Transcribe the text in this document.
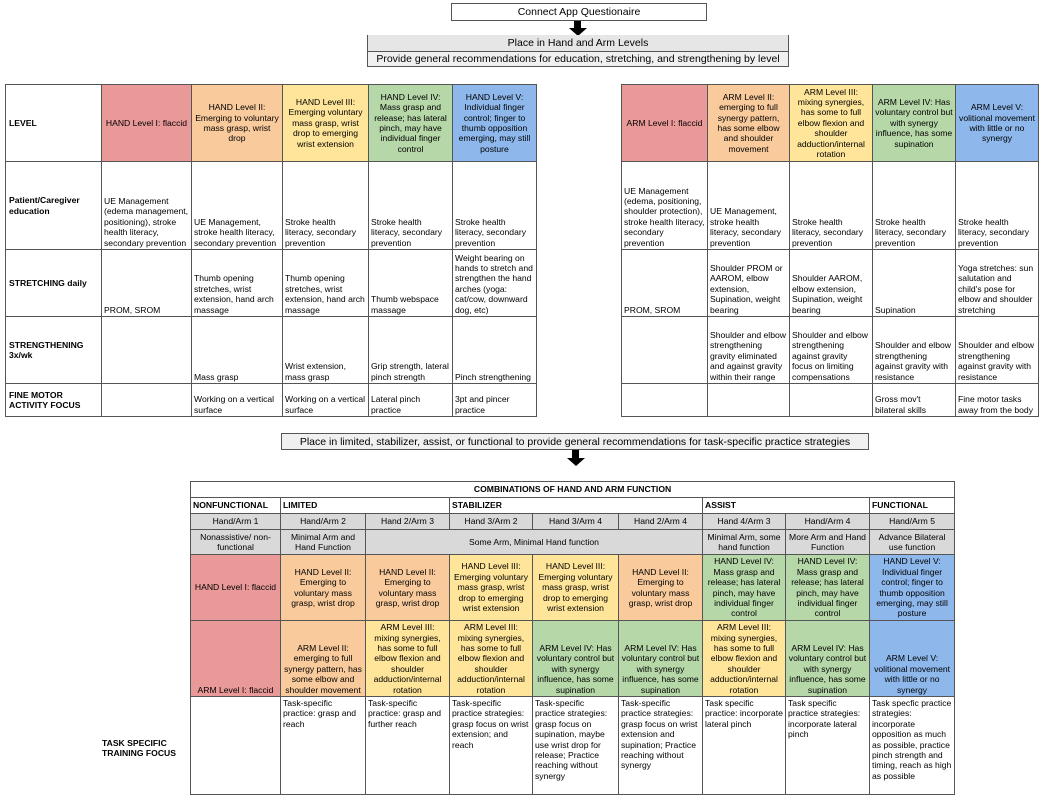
Connect App Questionaire
Place in Hand and Arm Levels
Provide general recommendations for education, stretching, and strengthening by level
LEVEL	HAND Level I: flaccid	HAND Level II: Emerging to voluntary mass grasp, wrist drop	HAND Level III: Emerging voluntary mass grasp, wrist drop to emerging wrist extension	HAND Level IV: Mass grasp and release; has lateral pinch, may have individual finger control	HAND Level V: Individual finger control; finger to thumb opposition emerging, may still posture
Patient/Caregiver education	UE Management (edema management, positioning), stroke health literacy, secondary prevention	UE Management, stroke health literacy, secondary prevention	Stroke health literacy, secondary prevention	Stroke health literacy, secondary prevention	Stroke health literacy, secondary prevention
STRETCHING daily	PROM, SROM	Thumb opening stretches, wrist extension, hand arch massage	Thumb opening stretches, wrist extension, hand arch massage	Thumb webspace massage	Weight bearing on hands to stretch and strengthen the hand arches (yoga: cat/cow, downward dog, etc)
STRENGTHENING 3x/wk		Mass grasp	Wrist extension, mass grasp	Grip strength, lateral pinch strength	Pinch strengthening
FINE MOTOR ACTIVITY FOCUS		Working on a vertical surface	Working on a vertical surface	Lateral pinch practice	3pt and pincer practice
ARM Level I: flaccid	ARM Level II: emerging to full synergy pattern, has some elbow and shoulder movement	ARM Level III: mixing synergies, has some to full elbow flexion and shoulder adduction/internal rotation	ARM Level IV: Has voluntary control but with synergy influence, has some supination	ARM Level V: volitional movement with little or no synergy
UE Management (edema, positioning, shoulder protection), stroke health literacy, secondary prevention	UE Management, stroke health literacy, secondary prevention	Stroke health literacy, secondary prevention	Stroke health literacy, secondary prevention	Stroke health literacy, secondary prevention
PROM, SROM	Shoulder PROM or AAROM, elbow extension, Supination, weight bearing	Shoulder AAROM, elbow extension, Supination, weight bearing	Supination	Yoga stretches: sun salutation and child's pose for elbow and shoulder stretching
	Shoulder and elbow strengthening gravity eliminated and against gravity within their range	Shoulder and elbow strengthening against gravity focus on limiting compensations	Shoulder and elbow strengthening against gravity with resistance	Shoulder and elbow strengthening against gravity with resistance
			Gross mov't bilateral skills	Fine motor tasks away from the body
Place in limited, stabilizer, assist, or functional to provide general recommendations for task-specific practice strategies
COMBINATIONS OF HAND AND ARM FUNCTION								
NONFUNCTIONAL	LIMITED		STABILIZER			ASSIST		FUNCTIONAL
Hand/Arm 1	Hand/Arm 2	Hand 2/Arm 3	Hand 3/Arm 2	Hand 3/Arm 4	Hand 2/Arm 4	Hand 4/Arm 3	Hand/Arm 4	Hand/Arm 5
Nonassistive/ non-functional	Minimal Arm and Hand Function	Some Arm, Minimal Hand function				Minimal Arm, some hand function	More Arm and Hand Function	Advance Bilateral use function
HAND Level I: flaccid	HAND Level II: Emerging to voluntary mass grasp, wrist drop	HAND Level II: Emerging to voluntary mass grasp, wrist drop	HAND Level III: Emerging voluntary mass grasp, wrist drop to emerging wrist extension	HAND Level III: Emerging voluntary mass grasp, wrist drop to emerging wrist extension	HAND Level II: Emerging to voluntary mass grasp, wrist drop	HAND Level IV: Mass grasp and release; has lateral pinch, may have individual finger control	HAND Level IV: Mass grasp and release; has lateral pinch, may have individual finger control	HAND Level V: Individual finger control; finger to thumb opposition emerging, may still posture
ARM Level I: flaccid	ARM Level II: emerging to full synergy pattern, has some elbow and shoulder movement	ARM Level III: mixing synergies, has some to full elbow flexion and shoulder adduction/internal rotation	ARM Level III: mixing synergies, has some to full elbow flexion and shoulder adduction/internal rotation	ARM Level IV: Has voluntary control but with synergy influence, has some supination	ARM Level IV: Has voluntary control but with synergy influence, has some supination	ARM Level III: mixing synergies, has some to full elbow flexion and shoulder adduction/internal rotation	ARM Level IV: Has voluntary control but with synergy influence, has some supination	ARM Level V: volitional movement with little or no synergy
	Task-specific practice: grasp and reach	Task-specific practice: grasp and further reach	Task-specific practice strategies: grasp focus on wrist extension; and reach	Task-specific practice strategies: grasp focus on supination, maybe use wrist drop for release; Practice reaching without synergy	Task-specific practice strategies: grasp focus on wrist extension and supination; Practice reaching without synergy	Task specific practice: incorporate lateral pinch	Task specific practice strategies: incorporate lateral pinch	Task specfic practice strategies: incorporate opposition as much as possible, practice pinch strength and timing, reach as high as possible
TASK SPECIFIC TRAINING FOCUS
